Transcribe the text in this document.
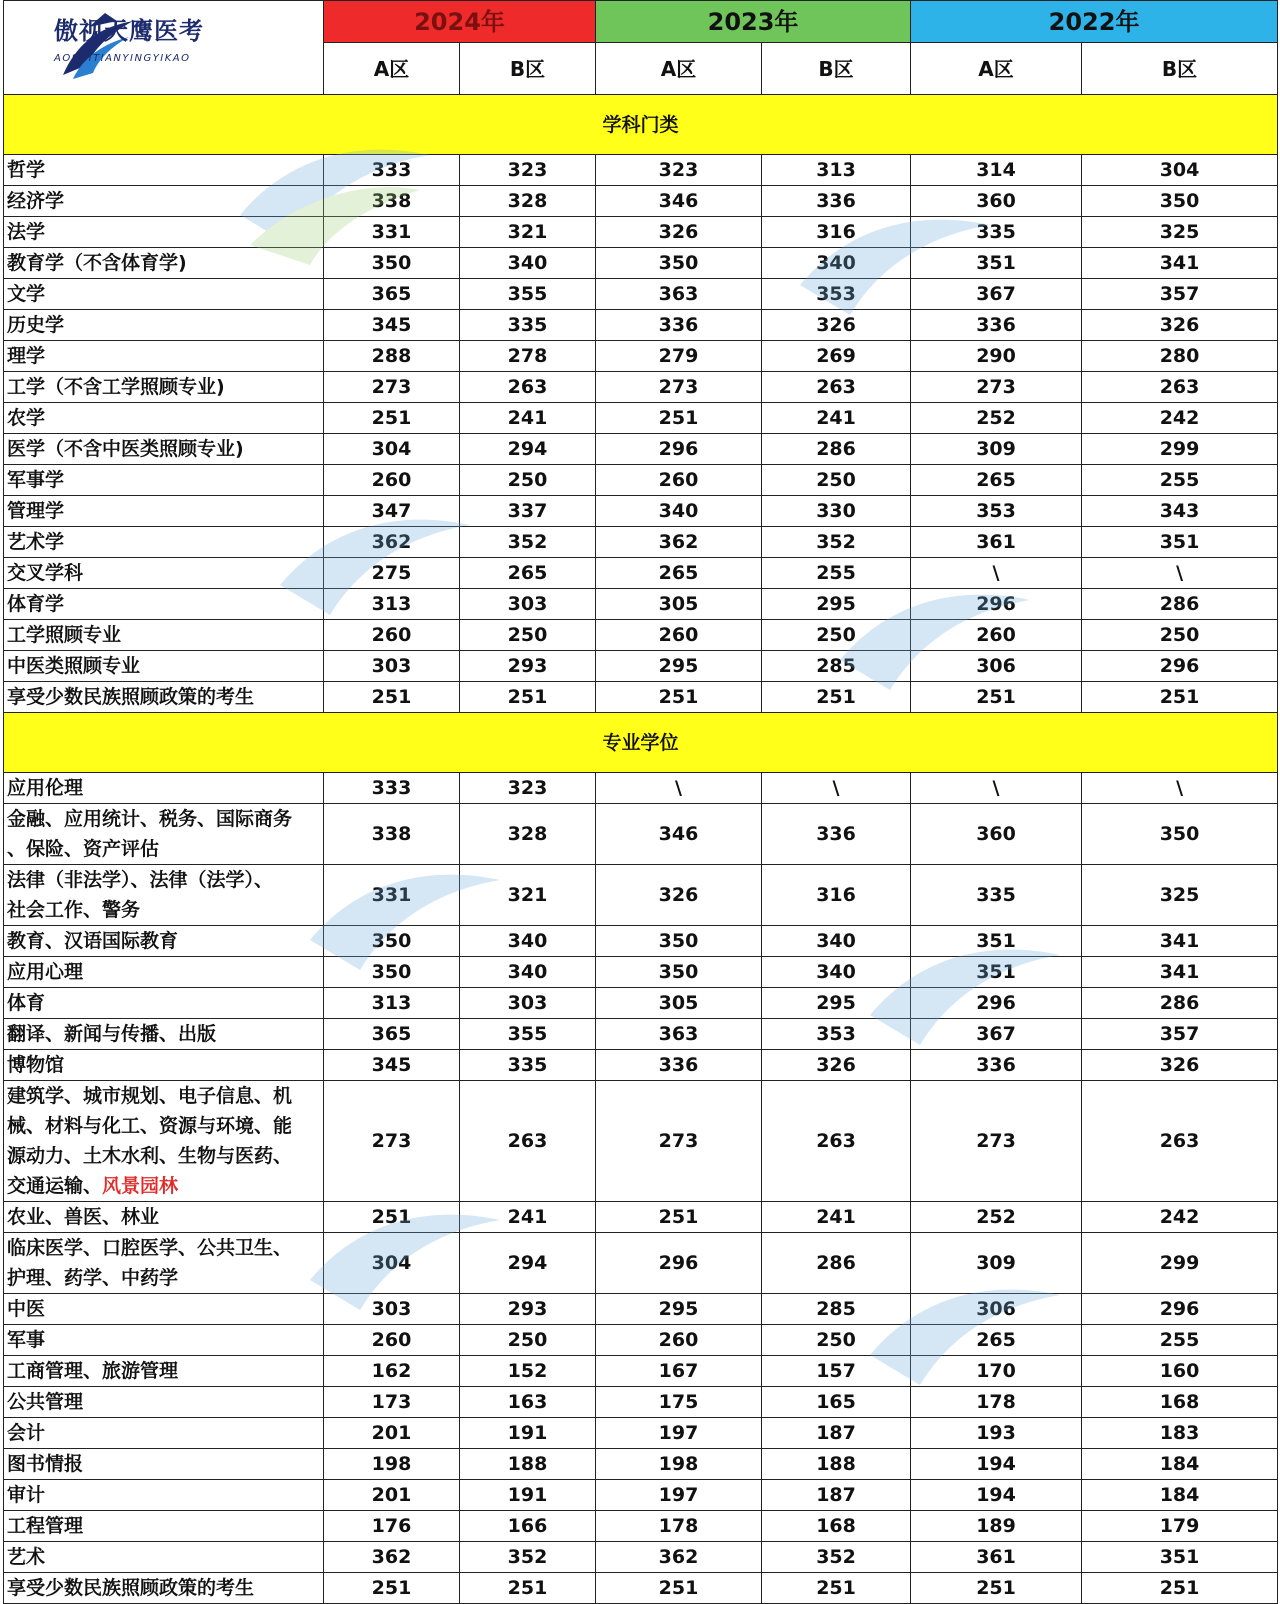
傲视天鹰医考
AOSHITIANYINGYIKAO	2024年		2023年		2022年	
	A区	B区	A区	B区	A区	B区
学科门类						
哲学	333	323	323	313	314	304
经济学	338	328	346	336	360	350
法学	331	321	326	316	335	325
教育学（不含体育学)	350	340	350	340	351	341
文学	365	355	363	353	367	357
历史学	345	335	336	326	336	326
理学	288	278	279	269	290	280
工学（不含工学照顾专业)	273	263	273	263	273	263
农学	251	241	251	241	252	242
医学（不含中医类照顾专业)	304	294	296	286	309	299
军事学	260	250	260	250	265	255
管理学	347	337	340	330	353	343
艺术学	362	352	362	352	361	351
交叉学科	275	265	265	255	\	\
体育学	313	303	305	295	296	286
工学照顾专业	260	250	260	250	260	250
中医类照顾专业	303	293	295	285	306	296
享受少数民族照顾政策的考生	251	251	251	251	251	251
专业学位						
应用伦理	333	323	\	\	\	\

金融、应用统计、税务、国际商务
、保险、资产评估	338	328	346	336	360	350

法律（非法学）、法律（法学）、
社会工作、警务	331	321	326	316	335	325
教育、汉语国际教育	350	340	350	340	351	341
应用心理	350	340	350	340	351	341
体育	313	303	305	295	296	286
翻译、新闻与传播、出版	365	355	363	353	367	357
博物馆	345	335	336	326	336	326

建筑学、城市规划、电子信息、机
械、材料与化工、资源与环境、能
源动力、土木水利、生物与医药、
交通运输、风景园林	273	263	273	263	273	263
农业、兽医、林业	251	241	251	241	252	242

临床医学、口腔医学、公共卫生、
护理、药学、中药学	304	294	296	286	309	299
中医	303	293	295	285	306	296
军事	260	250	260	250	265	255
工商管理、旅游管理	162	152	167	157	170	160
公共管理	173	163	175	165	178	168
会计	201	191	197	187	193	183
图书情报	198	188	198	188	194	184
审计	201	191	197	187	194	184
工程管理	176	166	178	168	189	179
艺术	362	352	362	352	361	351
享受少数民族照顾政策的考生	251	251	251	251	251	251
